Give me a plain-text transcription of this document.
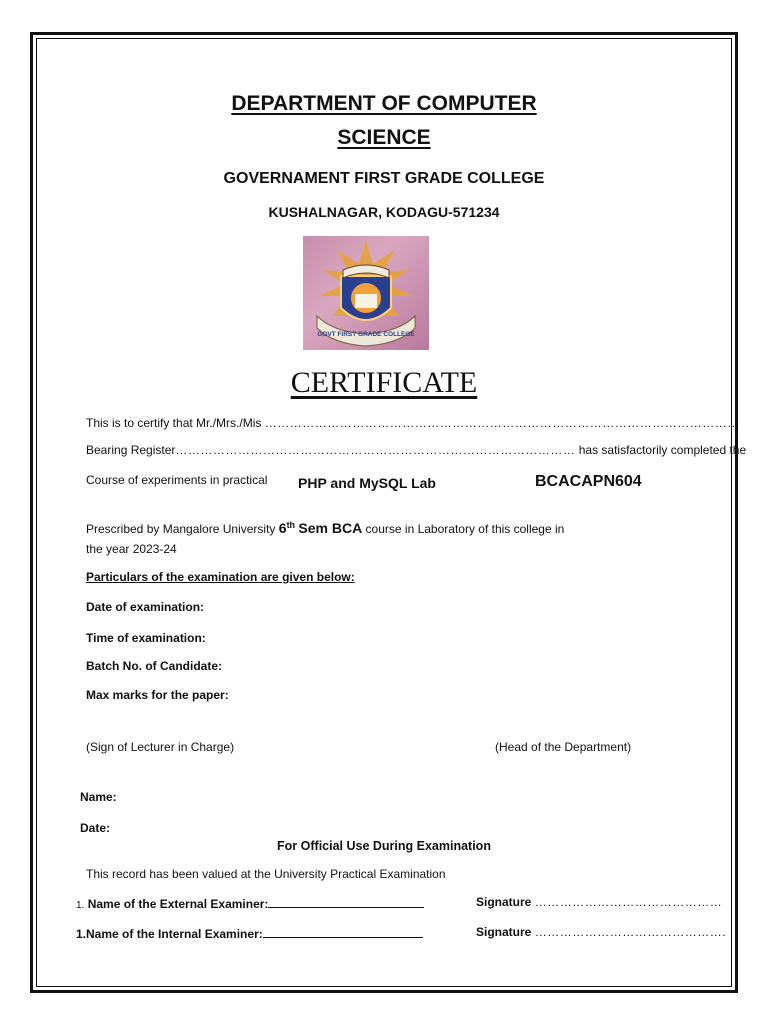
DEPARTMENT OF COMPUTER
SCIENCE
GOVERNAMENT FIRST GRADE COLLEGE
KUSHALNAGAR, KODAGU-571234
GOVT FIRST GRADE COLLEGE
CERTIFICATE
This is to certify that Mr./Mrs./Mis ……………………………………………………………………………………………………
Bearing Register…………………………………………………………………………………… has satisfactorily completed the
Course of experiments in practical PHP and MySQL Lab	BCACAPN604
Prescribed by Mangalore University 6th Sem BCA course in Laboratory of this college in
the year 2023-24
Particulars of the examination are given below:
Date of examination:
Time of examination:
Batch No. of Candidate:
Max marks for the paper:
(Sign of Lecturer in Charge)	(Head of the Department)
Name:
Date:
For Official Use During Examination
This record has been valued at the University Practical Examination
1. Name of the External Examiner:	Signature ………………………………………
1.Name of the Internal Examiner:	Signature ……………………………………….
